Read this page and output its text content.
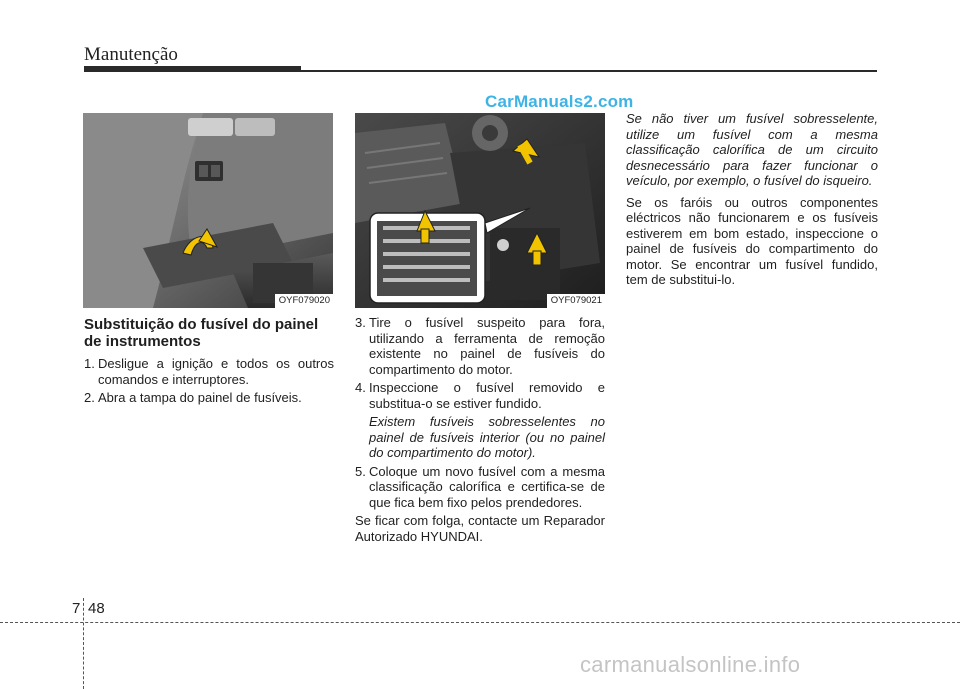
Manutenção
CarManuals2.com
OYF079020	OYF079021

Substituição do fusível do painel de instrumentos

1. Desligue a ignição e todos os outros comandos e interruptores.
2. Abra a tampa do painel de fusíveis.
3. Tire o fusível suspeito para fora, utilizando a ferramenta de remoção existente no painel de fusíveis do compartimento do motor.
4. Inspeccione o fusível removido e substitua-o se estiver fundido.

Existem fusíveis sobresselentes no painel de fusíveis interior (ou no painel do compartimento do motor).

5. Coloque um novo fusível com a mesma classificação calorífica e certifica-se de que fica bem fixo pelos prendedores.

Se ficar com folga, contacte um Reparador Autorizado HYUNDAI.

Se não tiver um fusível sobresselente, utilize um fusível com a mesma classificação calorífica de um circuito desnecessário para fazer funcionar o veículo, por exemplo, o fusível do isqueiro.

Se os faróis ou outros componentes eléctricos não funcionarem e os fusíveis estiverem em bom estado, inspeccione o painel de fusíveis do compartimento do motor. Se encontrar um fusível fundido, tem de substitui-lo.

7 48
carmanualsonline.info
